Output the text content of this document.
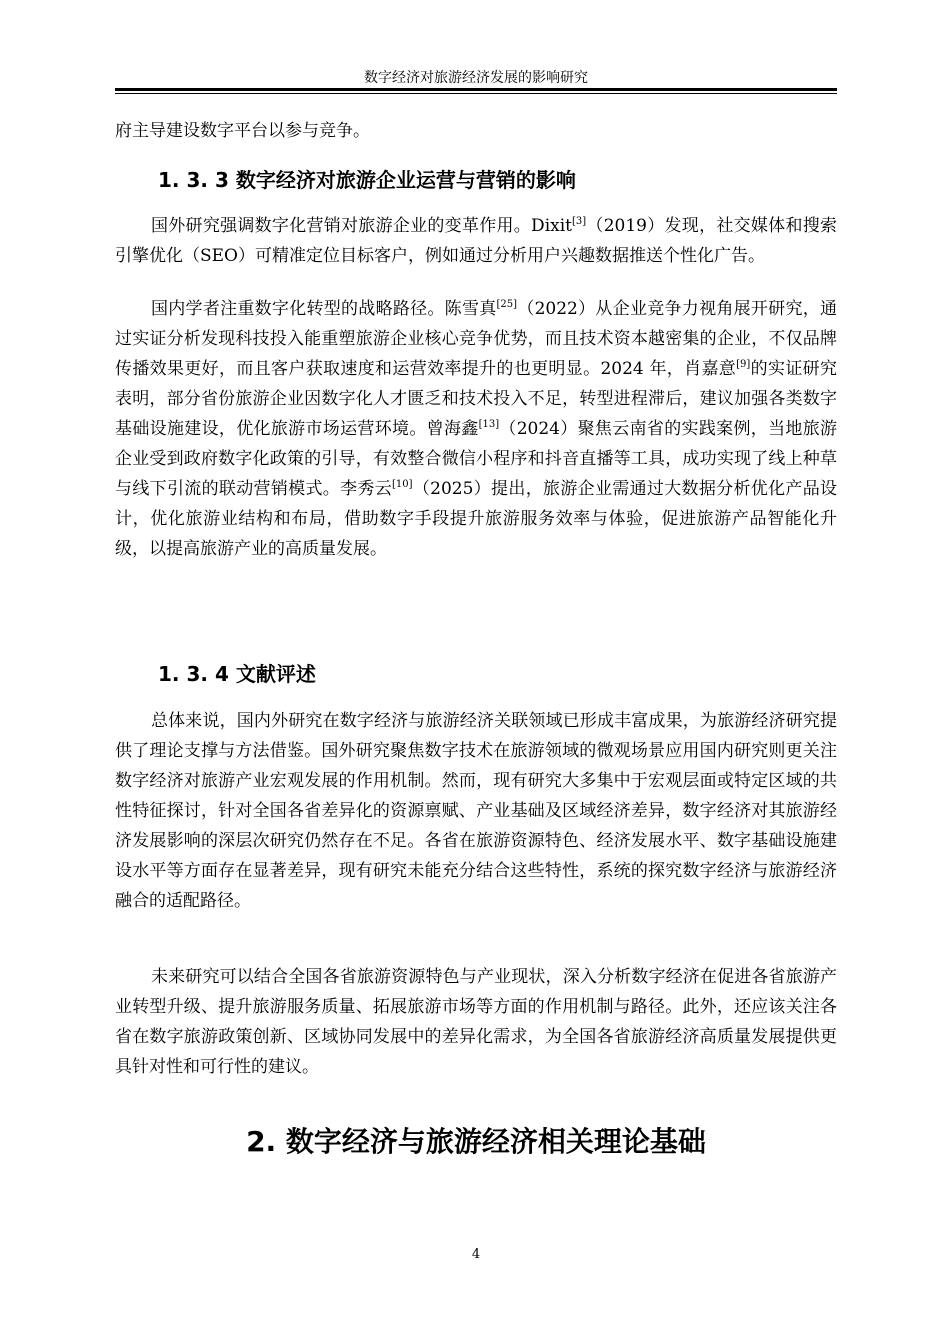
数字经济对旅游经济发展的影响研究

府主导建设数字平台以参与竞争。

1. 3. 3 数字经济对旅游企业运营与营销的影响

国外研究强调数字化营销对旅游企业的变革作用。Dixit[3]（2019）发现，社交媒体和搜索引擎优化（SEO）可精准定位目标客户，例如通过分析用户兴趣数据推送个性化广告。

国内学者注重数字化转型的战略路径。陈雪真[25]（2022）从企业竞争力视角展开研究，通过实证分析发现科技投入能重塑旅游企业核心竞争优势，而且技术资本越密集的企业，不仅品牌传播效果更好，而且客户获取速度和运营效率提升的也更明显。2024 年，肖嘉意[9]的实证研究表明，部分省份旅游企业因数字化人才匮乏和技术投入不足，转型进程滞后，建议加强各类数字基础设施建设，优化旅游市场运营环境。曾海鑫[13]（2024）聚焦云南省的实践案例，当地旅游企业受到政府数字化政策的引导，有效整合微信小程序和抖音直播等工具，成功实现了线上种草与线下引流的联动营销模式。李秀云[10]（2025）提出，旅游企业需通过大数据分析优化产品设计，优化旅游业结构和布局，借助数字手段提升旅游服务效率与体验，促进旅游产品智能化升级，以提高旅游产业的高质量发展。

1. 3. 4 文献评述

总体来说，国内外研究在数字经济与旅游经济关联领域已形成丰富成果，为旅游经济研究提供了理论支撑与方法借鉴。国外研究聚焦数字技术在旅游领域的微观场景应用国内研究则更关注数字经济对旅游产业宏观发展的作用机制。然而，现有研究大多集中于宏观层面或特定区域的共性特征探讨，针对全国各省差异化的资源禀赋、产业基础及区域经济差异，数字经济对其旅游经济发展影响的深层次研究仍然存在不足。各省在旅游资源特色、经济发展水平、数字基础设施建设水平等方面存在显著差异，现有研究未能充分结合这些特性，系统的探究数字经济与旅游经济融合的适配路径。

未来研究可以结合全国各省旅游资源特色与产业现状，深入分析数字经济在促进各省旅游产业转型升级、提升旅游服务质量、拓展旅游市场等方面的作用机制与路径。此外，还应该关注各省在数字旅游政策创新、区域协同发展中的差异化需求，为全国各省旅游经济高质量发展提供更具针对性和可行性的建议。

2. 数字经济与旅游经济相关理论基础
4
